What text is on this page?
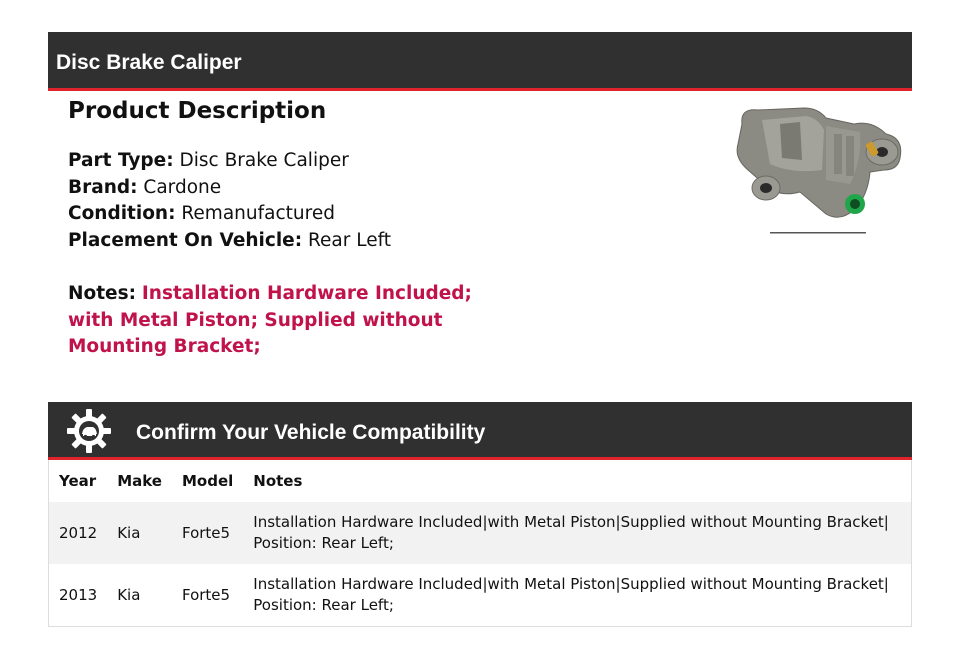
Disc Brake Caliper
Product Description
Part Type: Disc Brake Caliper
Brand: Cardone
Condition: Remanufactured
Placement On Vehicle: Rear Left
Notes: Installation Hardware Included; with Metal Piston; Supplied without Mounting Bracket;
Confirm Your Vehicle Compatibility
Year	Make	Model	Notes
2012	Kia	Forte5	Installation Hardware Included|with Metal Piston|Supplied without Mounting Bracket| Position: Rear Left;
2013	Kia	Forte5	Installation Hardware Included|with Metal Piston|Supplied without Mounting Bracket| Position: Rear Left;
